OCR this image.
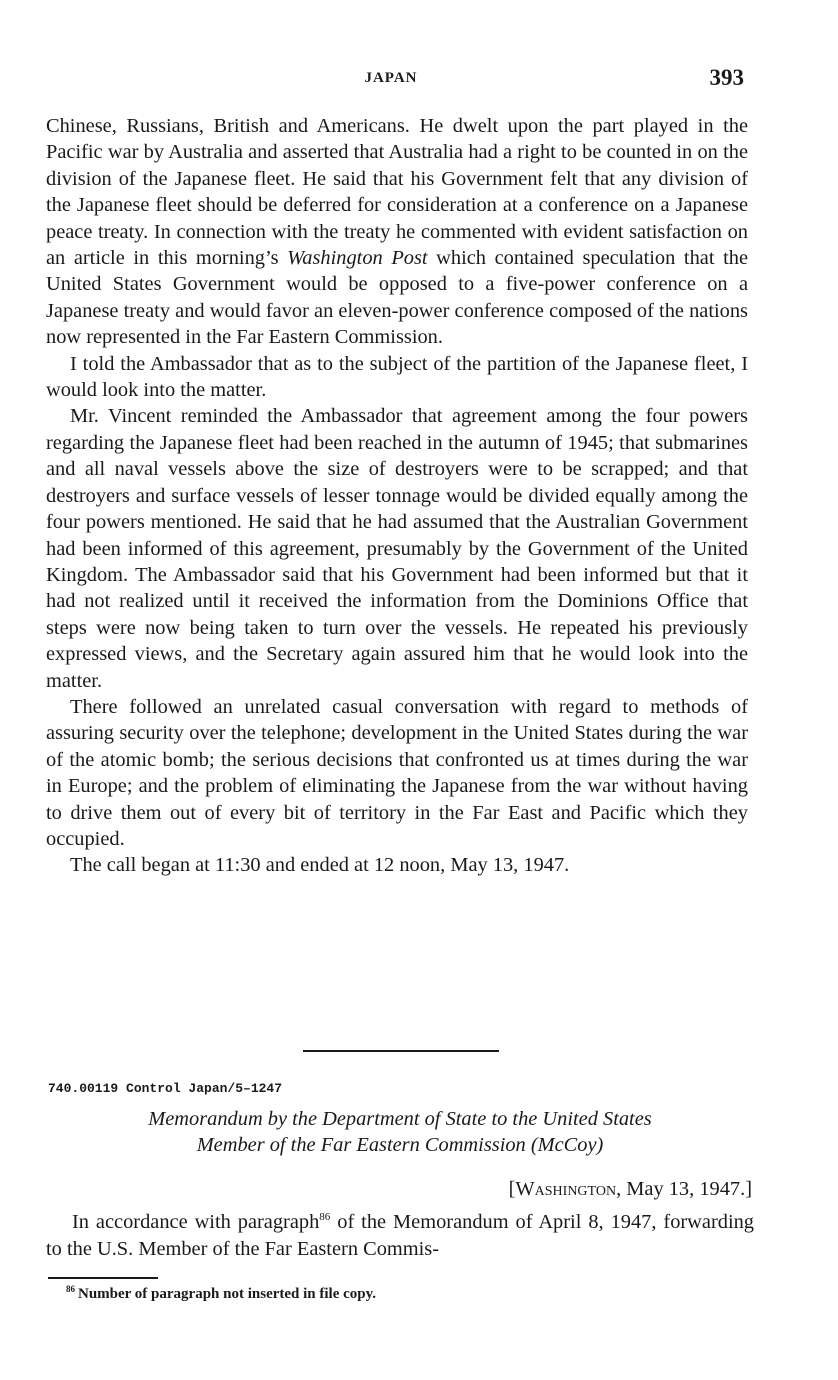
JAPAN	393

Chinese, Russians, British and Americans. He dwelt upon the part played in the Pacific war by Australia and asserted that Australia had a right to be counted in on the division of the Japanese fleet. He said that his Government felt that any division of the Japanese fleet should be deferred for consideration at a conference on a Japanese peace treaty. In connection with the treaty he commented with evident satisfaction on an article in this morning’s Washington Post which contained speculation that the United States Government would be opposed to a five-power conference on a Japanese treaty and would favor an eleven-power conference composed of the nations now represented in the Far Eastern Commission.

I told the Ambassador that as to the subject of the partition of the Japanese fleet, I would look into the matter.

Mr. Vincent reminded the Ambassador that agreement among the four powers regarding the Japanese fleet had been reached in the autumn of 1945; that submarines and all naval vessels above the size of destroyers were to be scrapped; and that destroyers and surface vessels of lesser tonnage would be divided equally among the four powers mentioned. He said that he had assumed that the Australian Government had been informed of this agreement, presumably by the Government of the United Kingdom. The Ambassador said that his Government had been informed but that it had not realized until it received the information from the Dominions Office that steps were now being taken to turn over the vessels. He repeated his previously expressed views, and the Secretary again assured him that he would look into the matter.

There followed an unrelated casual conversation with regard to methods of assuring security over the telephone; development in the United States during the war of the atomic bomb; the serious decisions that confronted us at times during the war in Europe; and the problem of eliminating the Japanese from the war without having to drive them out of every bit of territory in the Far East and Pacific which they occupied.

The call began at 11:30 and ended at 12 noon, May 13, 1947.

740.00119 Control Japan/5–1247
Memorandum by the Department of State to the United States
Member of the Far Eastern Commission (McCoy)
[Washington, May 13, 1947.]
In accordance with paragraph$^{86}$ of the Memorandum of April 8, 1947, forwarding to the U.S. Member of the Far Eastern Commis-
$^{86}$ Number of paragraph not inserted in file copy.
